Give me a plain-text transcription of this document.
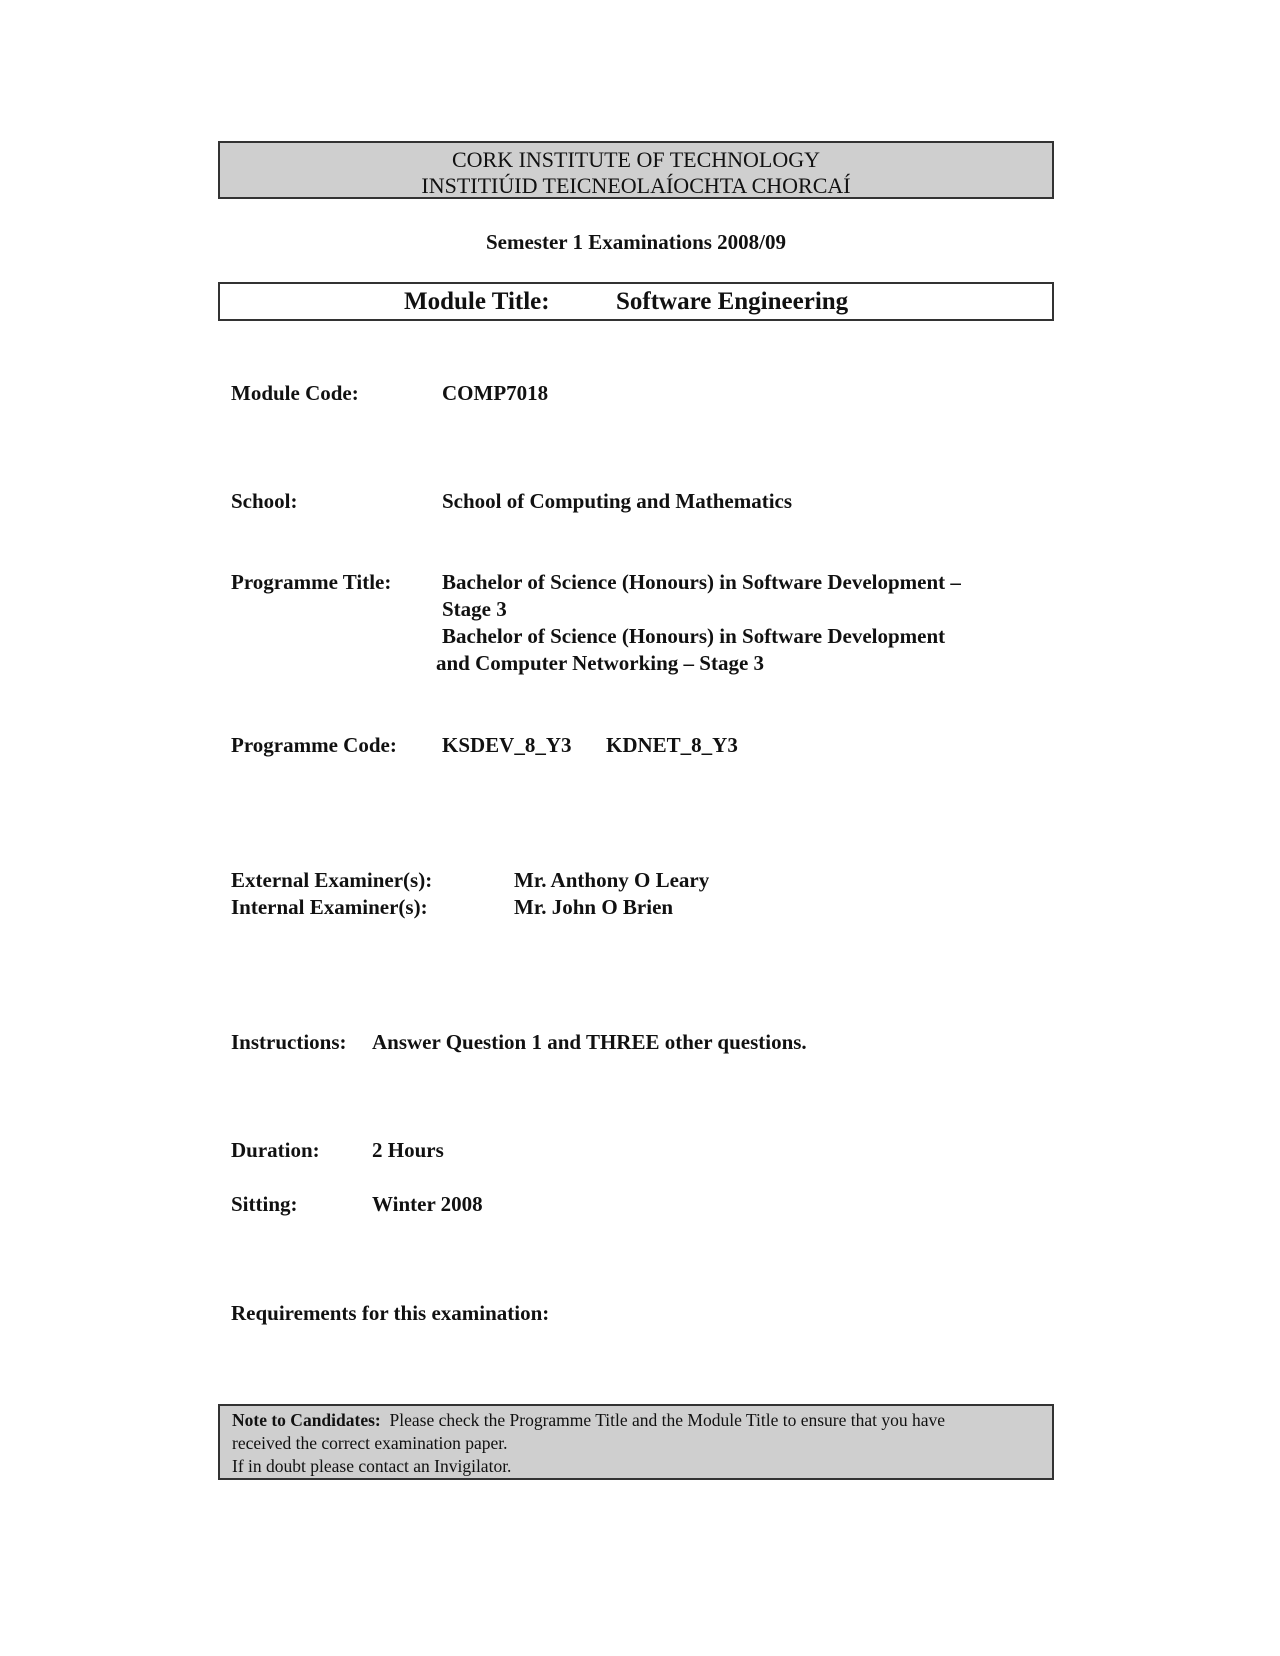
CORK INSTITUTE OF TECHNOLOGY
INSTITIÚID TEICNEOLAÍOCHTA CHORCAÍ
Semester 1 Examinations 2008/09
Module Title:	Software Engineering
Module Code:	COMP7018
School:	School of Computing and Mathematics
Programme Title: Bachelor of Science (Honours) in Software Development –
Stage 3
Bachelor of Science (Honours) in Software Development
and Computer Networking – Stage 3
Programme Code: KSDEV_8_Y3 KDNET_8_Y3
External Examiner(s):	Mr. Anthony O Leary
Internal Examiner(s):	Mr. John O Brien
Instructions: Answer Question 1 and THREE other questions.
Duration: 2 Hours
Sitting:	Winter 2008
Requirements for this examination:
Note to Candidates: Please check the Programme Title and the Module Title to ensure that you have
received the correct examination paper.
If in doubt please contact an Invigilator.
